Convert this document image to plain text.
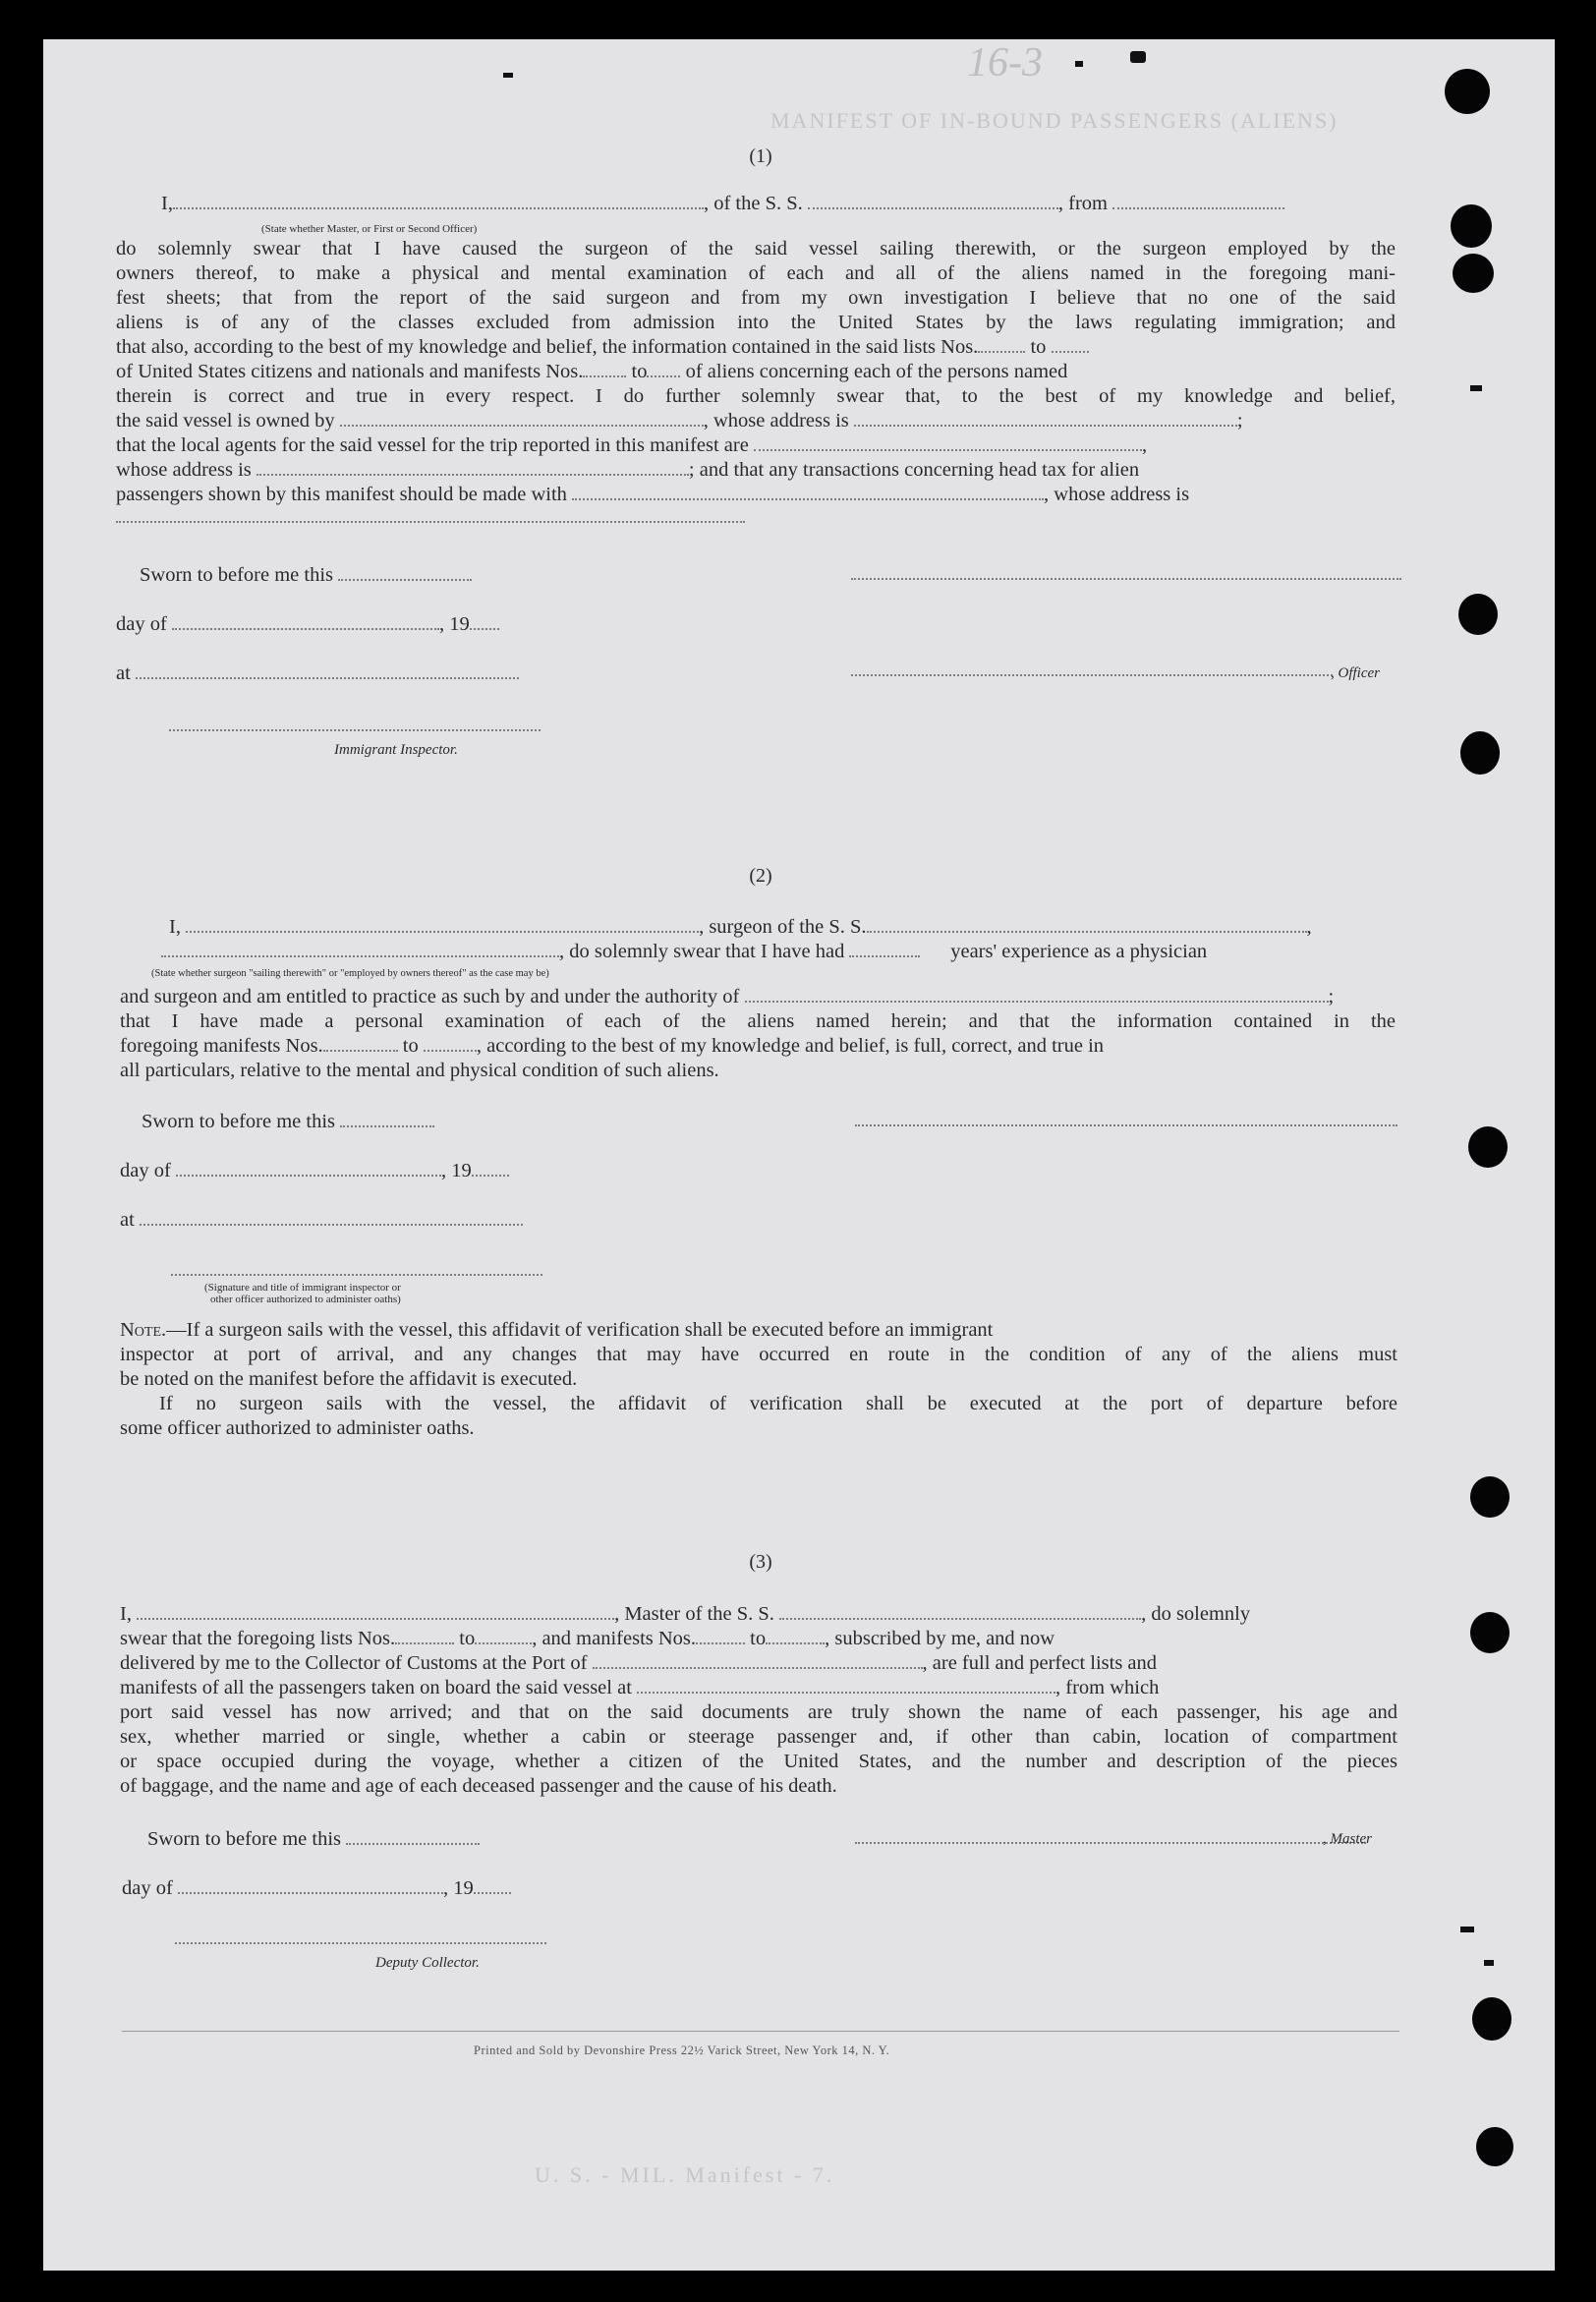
MANIFEST OF IN-BOUND PASSENGERS (ALIENS)
U. S. - MIL. Manifest - 7.
16-3
(1)
I,	, of the S. S.	, from
(State whether Master, or First or Second Officer)
do solemnly swear that I have caused the surgeon of the said vessel sailing therewith, or the surgeon employed by the
owners thereof, to make a physical and mental examination of each and all of the aliens named in the foregoing mani-
fest sheets; that from the report of the said surgeon and from my own investigation I believe that no one of the said
aliens is of any of the classes excluded from admission into the United States by the laws regulating immigration; and
that also, according to the best of my knowledge and belief, the information contained in the said lists Nos.	to
of United States citizens and nationals and manifests Nos. to of aliens concerning each of the persons named
therein is correct and true in every respect. I do further solemnly swear that, to the best of my knowledge and belief,
the said vessel is owned by	, whose address is	;
that the local agents for the said vessel for the trip reported in this manifest are	,
whose address is	; and that any transactions concerning head tax for alien
passengers shown by this manifest should be made with	, whose address is
Sworn to before me this
day of	, 19
at	, Officer
Immigrant Inspector.
(2)
I,	, surgeon of the S. S.	,
, do solemnly swear that I have had	years' experience as a physician
(State whether surgeon "sailing therewith" or "employed by owners thereof" as the case may be)
and surgeon and am entitled to practice as such by and under the authority of	;
that I have made a personal examination of each of the aliens named herein; and that the information contained in the
foregoing manifests Nos.	to	, according to the best of my knowledge and belief, is full, correct, and true in
all particulars, relative to the mental and physical condition of such aliens.
Sworn to before me this
day of	, 19
at
(Signature and title of immigrant inspector or
other officer authorized to administer oaths)
Note.—If a surgeon sails with the vessel, this affidavit of verification shall be executed before an immigrant
inspector at port of arrival, and any changes that may have occurred en route in the condition of any of the aliens must
be noted on the manifest before the affidavit is executed.
If no surgeon sails with the vessel, the affidavit of verification shall be executed at the port of departure before
some officer authorized to administer oaths.
(3)
I,	, Master of the S. S.	, do solemnly
swear that the foregoing lists Nos.	to	, and manifests Nos.	to	, subscribed by me, and now
delivered by me to the Collector of Customs at the Port of	, are full and perfect lists and
manifests of all the passengers taken on board the said vessel at	, from which
port said vessel has now arrived; and that on the said documents are truly shown the name of each passenger, his age and
sex, whether married or single, whether a cabin or steerage passenger and, if other than cabin, location of compartment
or space occupied during the voyage, whether a citizen of the United States, and the number and description of the pieces
of baggage, and the name and age of each deceased passenger and the cause of his death.
Sworn to before me this	, Master
day of	, 19
Deputy Collector.
Printed and Sold by Devonshire Press 22½ Varick Street, New York 14, N. Y.
